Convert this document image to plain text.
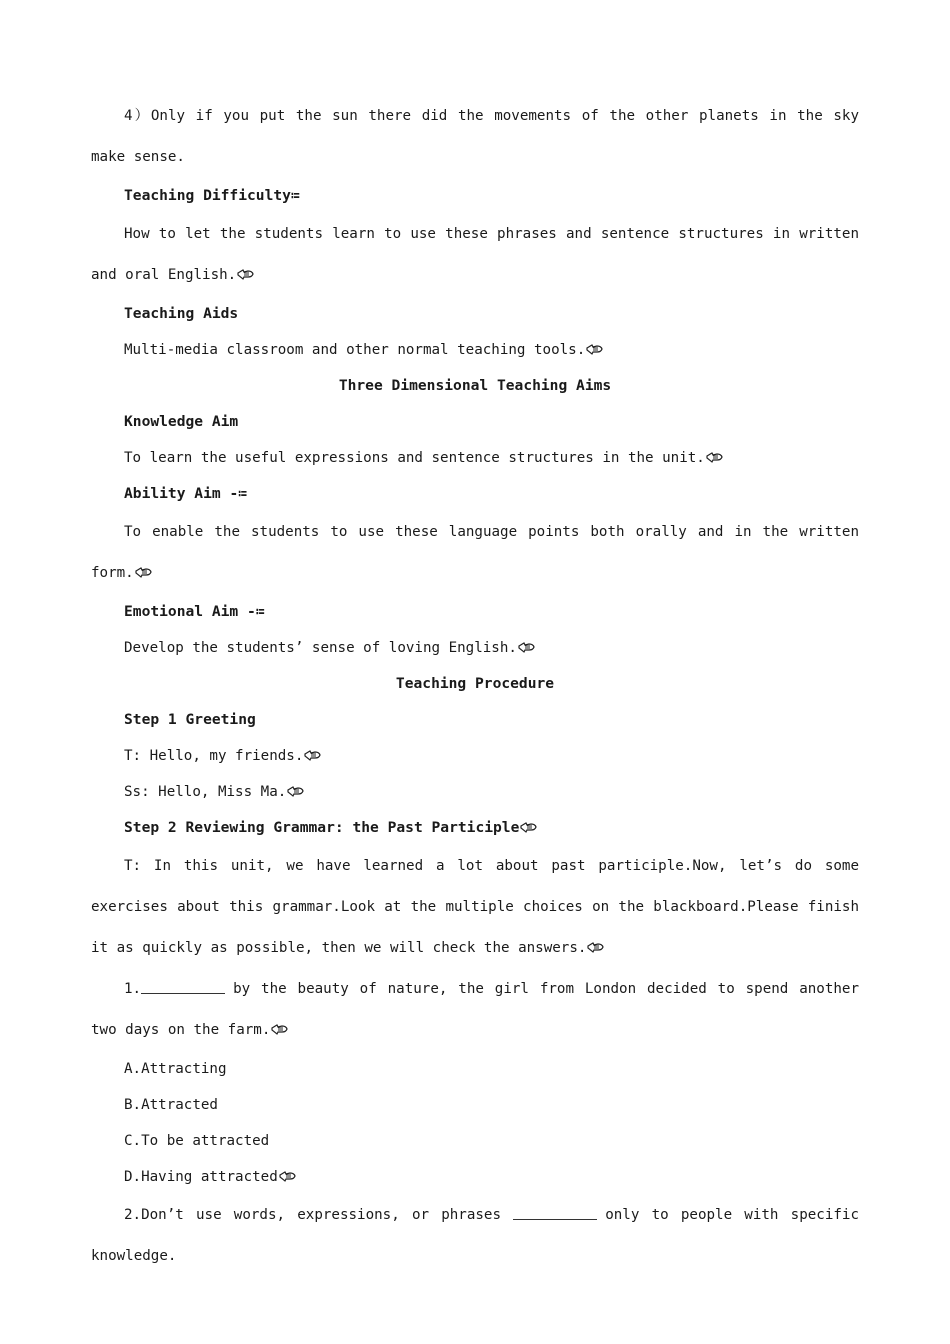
4）Only if you put the sun there did the movements of the other planets in the sky make sense.

Teaching Difficulty≔

How to let the students learn to use these phrases and sentence structures in written and oral English.

Teaching Aids

Multi-media classroom and other normal teaching tools.

Three Dimensional Teaching Aims

Knowledge Aim

To learn the useful expressions and sentence structures in the unit.

Ability Aim -≔

To enable the students to use these language points both orally and in the written form.

Emotional Aim -≔

Develop the students’ sense of loving English.

Teaching Procedure

Step 1 Greeting

T: Hello, my friends.

Ss: Hello, Miss Ma.

Step 2 Reviewing Grammar: the Past Participle

T: In this unit, we have learned a lot about past participle.Now, let’s do some exercises about this grammar.Look at the multiple choices on the blackboard.Please finish it as quickly as possible, then we will check the answers.

1.	by the beauty of nature, the girl from London decided to spend another two days on the farm.

A.Attracting

B.Attracted

C.To be attracted

D.Having attracted

2.Don’t use words, expressions, or phrases	only to people with specific knowledge.
